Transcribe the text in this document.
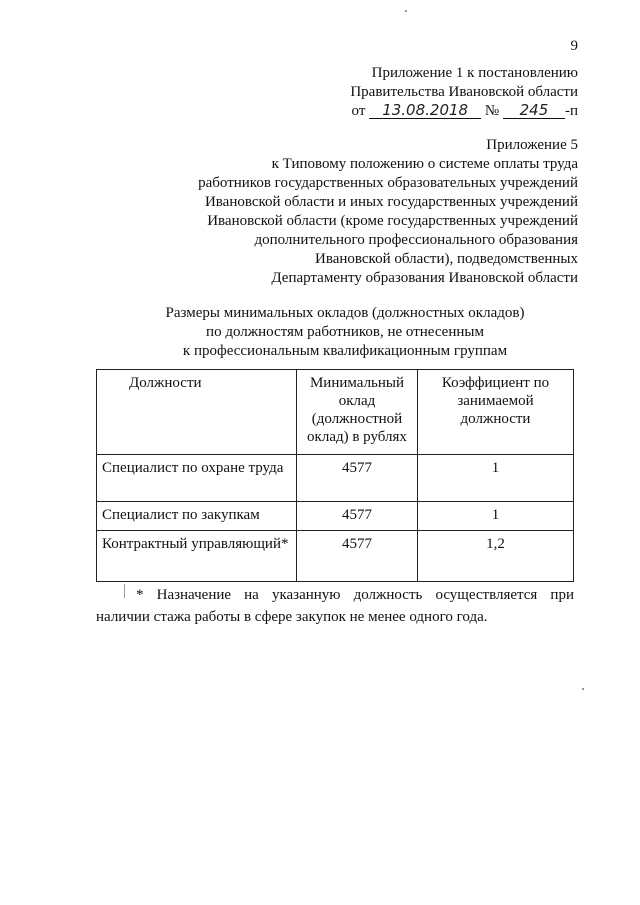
9
Приложение 1 к постановлению
Правительства Ивановской области
от 13.08.2018 № 245 -п
Приложение 5
к Типовому положению о системе оплаты труда
работников государственных образовательных учреждений
Ивановской области и иных государственных учреждений
Ивановской области (кроме государственных учреждений
дополнительного профессионального образования
Ивановской области), подведомственных
Департаменту образования Ивановской области
Размеры минимальных окладов (должностных окладов)
по должностям работников, не отнесенным
к профессиональным квалификационным группам
Должности	Минимальный оклад (должностной оклад) в рублях	Коэффициент по занимаемой должности
Специалист по охране труда	4577	1
Специалист по закупкам	4577	1
Контрактный управляющий*	4577	1,2
* Назначение на указанную должность осуществляется при наличии стажа работы в сфере закупок не менее одного года.
